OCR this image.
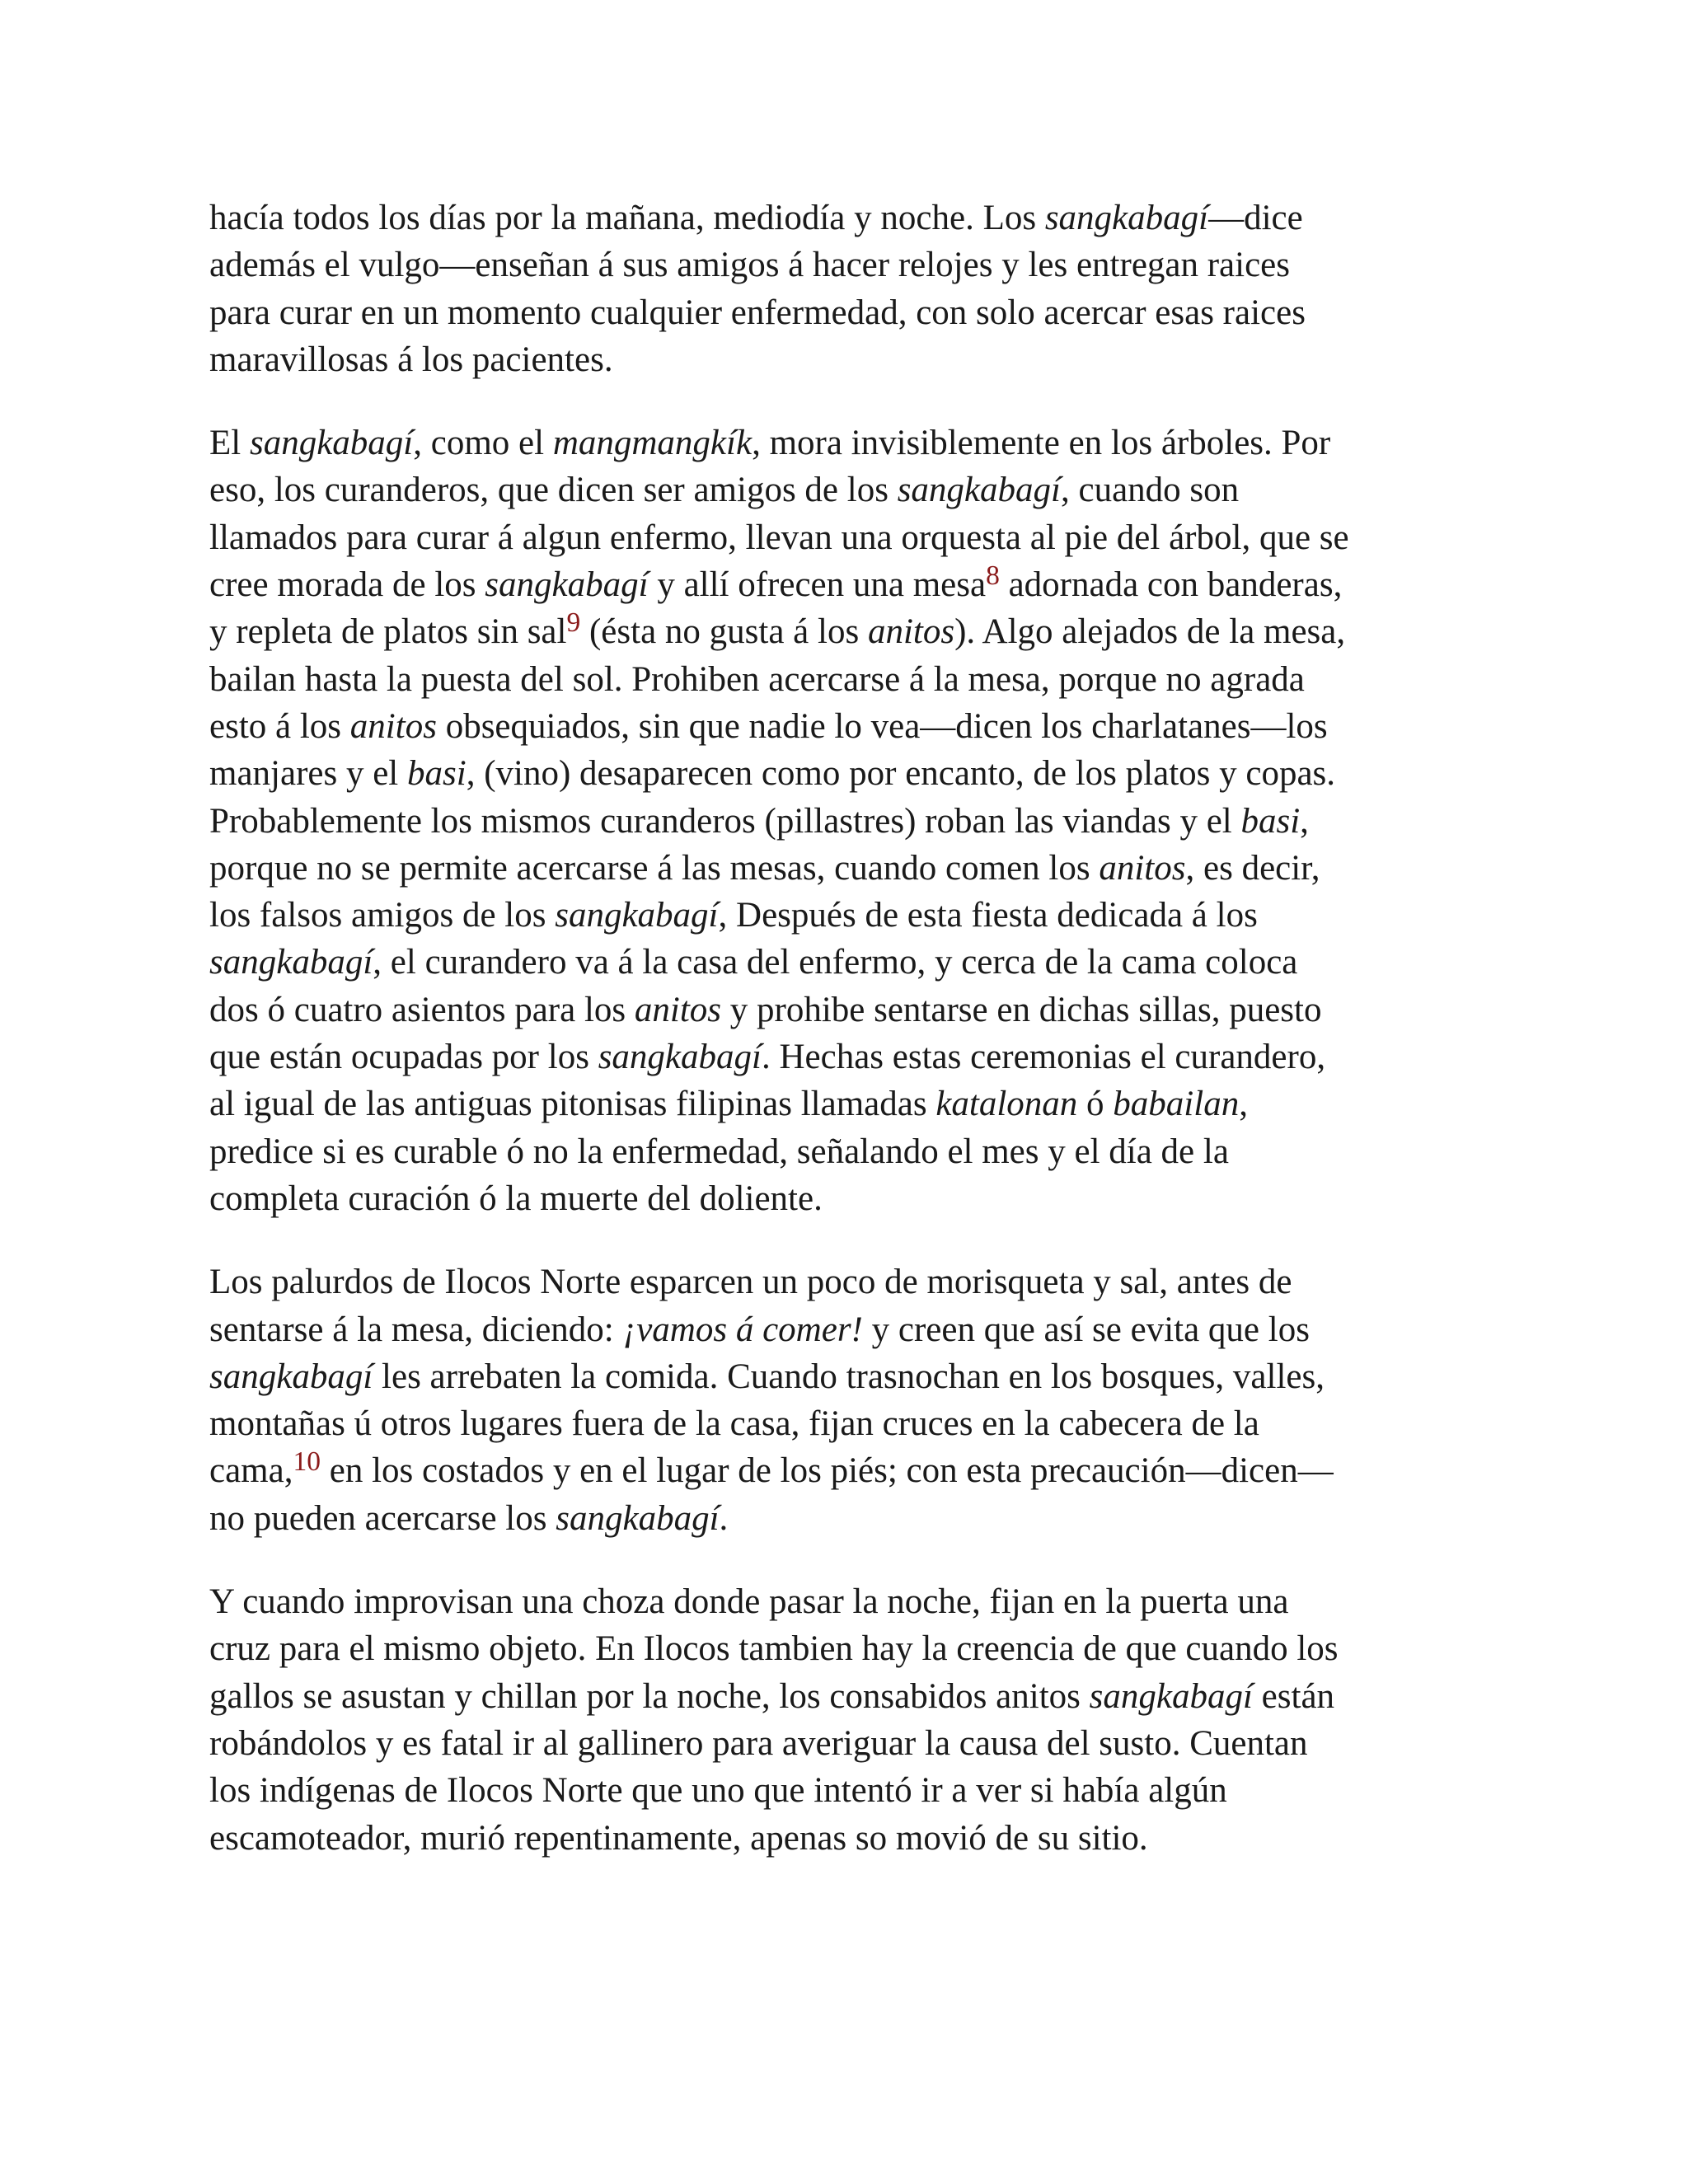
hacía todos los días por la mañana, mediodía y noche. Los sangkabagí—dice
además el vulgo—enseñan á sus amigos á hacer relojes y les entregan raices
para curar en un momento cualquier enfermedad, con solo acercar esas raices
maravillosas á los pacientes.

El sangkabagí, como el mangmangkík, mora invisiblemente en los árboles. Por
eso, los curanderos, que dicen ser amigos de los sangkabagí, cuando son
llamados para curar á algun enfermo, llevan una orquesta al pie del árbol, que se
cree morada de los sangkabagí y allí ofrecen una mesa$^8$ adornada con banderas,
y repleta de platos sin sal$^9$ (ésta no gusta á los anitos). Algo alejados de la mesa,
bailan hasta la puesta del sol. Prohiben acercarse á la mesa, porque no agrada
esto á los anitos obsequiados, sin que nadie lo vea—dicen los charlatanes—los
manjares y el basi, (vino) desaparecen como por encanto, de los platos y copas.
Probablemente los mismos curanderos (pillastres) roban las viandas y el basi,
porque no se permite acercarse á las mesas, cuando comen los anitos, es decir,
los falsos amigos de los sangkabagí, Después de esta fiesta dedicada á los
sangkabagí, el curandero va á la casa del enfermo, y cerca de la cama coloca
dos ó cuatro asientos para los anitos y prohibe sentarse en dichas sillas, puesto
que están ocupadas por los sangkabagí. Hechas estas ceremonias el curandero,
al igual de las antiguas pitonisas filipinas llamadas katalonan ó babailan,
predice si es curable ó no la enfermedad, señalando el mes y el día de la
completa curación ó la muerte del doliente.

Los palurdos de Ilocos Norte esparcen un poco de morisqueta y sal, antes de
sentarse á la mesa, diciendo: ¡vamos á comer! y creen que así se evita que los
sangkabagí les arrebaten la comida. Cuando trasnochan en los bosques, valles,
montañas ú otros lugares fuera de la casa, fijan cruces en la cabecera de la
cama,$^{10}$ en los costados y en el lugar de los piés; con esta precaución—dicen—
no pueden acercarse los sangkabagí.

Y cuando improvisan una choza donde pasar la noche, fijan en la puerta una
cruz para el mismo objeto. En Ilocos tambien hay la creencia de que cuando los
gallos se asustan y chillan por la noche, los consabidos anitos sangkabagí están
robándolos y es fatal ir al gallinero para averiguar la causa del susto. Cuentan
los indígenas de Ilocos Norte que uno que intentó ir a ver si había algún
escamoteador, murió repentinamente, apenas so movió de su sitio.
